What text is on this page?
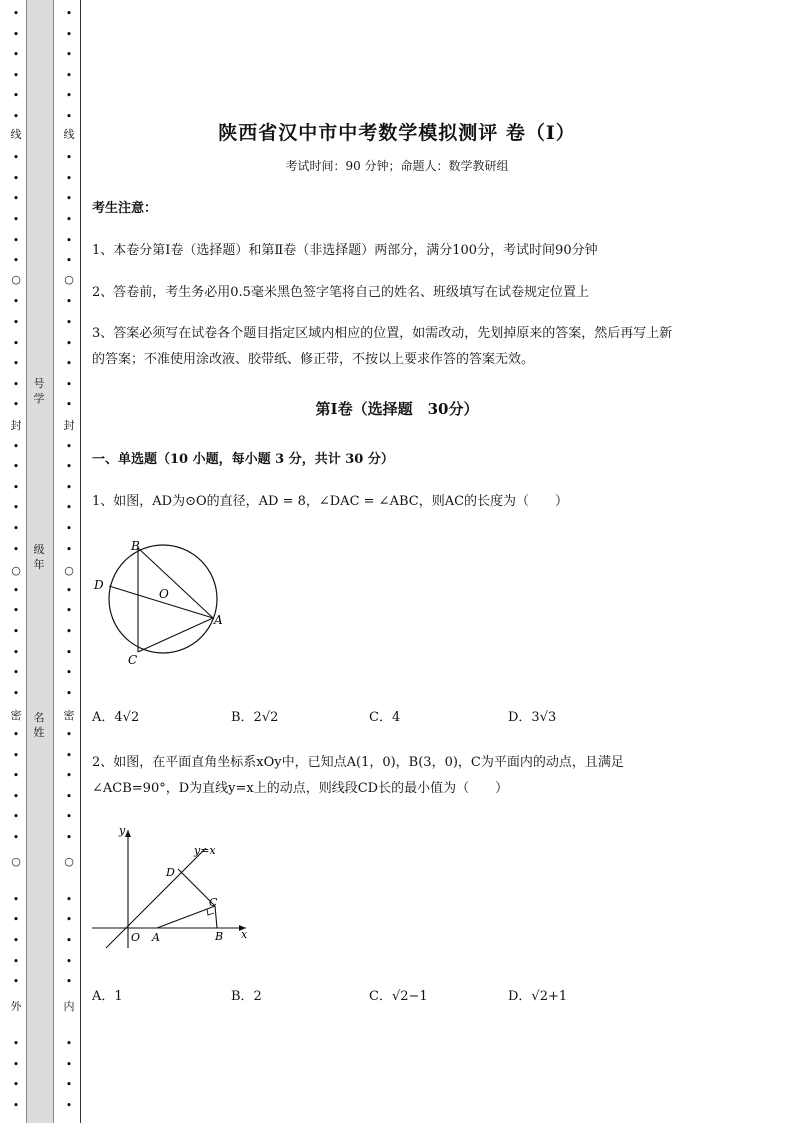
•
•
•
•
•
•
•
•
•
•
•
•
•
•
•
•
•
•
•
•
•
•
•
•
•
•
•
•
•
•
•
•
•
•
•
•
•
•
•
•
•
•
•
•
•
线
○
封
○
密
○
外
号
学
级
年
名
姓
•
•
•
•
•
•
•
•
•
•
•
•
•
•
•
•
•
•
•
•
•
•
•
•
•
•
•
•
•
•
•
•
•
•
•
•
•
•
•
•
•
•
•
•
•
线
○
封
○
密
○
内
陕西省汉中市中考数学模拟测评 卷（Ⅰ）
考试时间：90 分钟；命题人：数学教研组
考生注意：
1、本卷分第Ⅰ卷（选择题）和第Ⅱ卷（非选择题）两部分，满分100分，考试时间90分钟
2、答卷前，考生务必用0.5毫米黑色签字笔将自己的姓名、班级填写在试卷规定位置上
3、答案必须写在试卷各个题目指定区域内相应的位置，如需改动，先划掉原来的答案，然后再写上新
的答案；不准使用涂改液、胶带纸、修正带，不按以上要求作答的答案无效。
第Ⅰ卷（选择题　30分）
一、单选题（10 小题，每小题 3 分，共计 30 分）
1、如图，AD为⊙O的直径，AD = 8，∠DAC = ∠ABC，则AC的长度为（　　）
B
D
O
A
C
A．4√2	B．2√2	C．4	D．3√3
2、如图，在平面直角坐标系xOy中，已知点A(1，0)，B(3，0)，C为平面内的动点，且满足
∠ACB=90°，D为直线y=x上的动点，则线段CD长的最小值为（　　）
y
y=x
D
C
O A	B x
A．1	B．2	C．√2−1	D．√2+1
